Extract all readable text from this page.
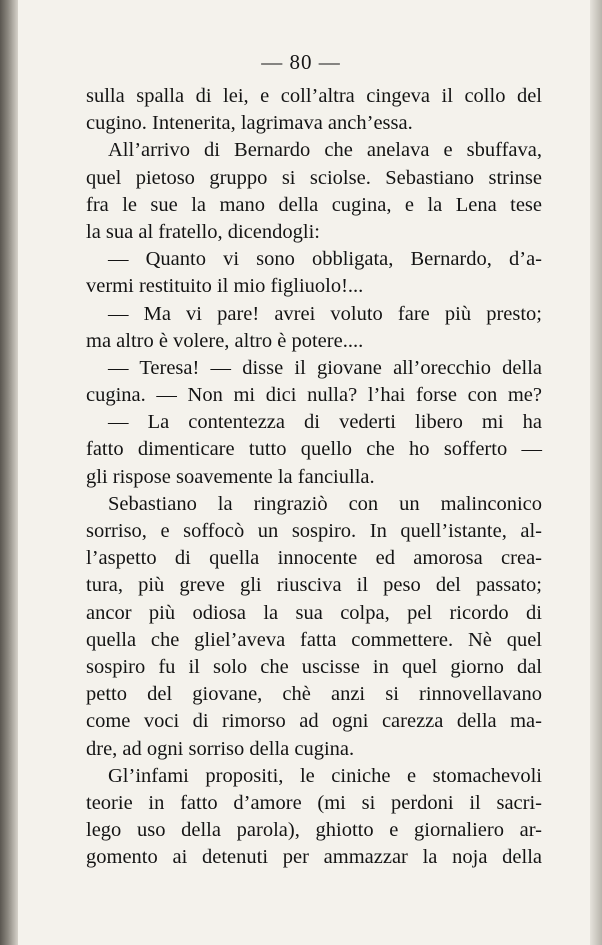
— 80 —
sulla spalla di lei, e coll’altra cingeva il collo del
cugino. Intenerita, lagrimava anch’essa.
All’arrivo di Bernardo che anelava e sbuffava,
quel pietoso gruppo si sciolse. Sebastiano strinse
fra le sue la mano della cugina, e la Lena tese
la sua al fratello, dicendogli:
— Quanto vi sono obbligata, Bernardo, d’a-
vermi restituito il mio figliuolo!...
— Ma vi pare! avrei voluto fare più presto;
ma altro è volere, altro è potere....
— Teresa! — disse il giovane all’orecchio della
cugina. — Non mi dici nulla? l’hai forse con me?
— La contentezza di vederti libero mi ha
fatto dimenticare tutto quello che ho sofferto —
gli rispose soavemente la fanciulla.
Sebastiano la ringraziò con un malinconico
sorriso, e soffocò un sospiro. In quell’istante, al-
l’aspetto di quella innocente ed amorosa crea-
tura, più greve gli riusciva il peso del passato;
ancor più odiosa la sua colpa, pel ricordo di
quella che gliel’aveva fatta commettere. Nè quel
sospiro fu il solo che uscisse in quel giorno dal
petto del giovane, chè anzi si rinnovellavano
come voci di rimorso ad ogni carezza della ma-
dre, ad ogni sorriso della cugina.
Gl’infami propositi, le ciniche e stomachevoli
teorie in fatto d’amore (mi si perdoni il sacri-
lego uso della parola), ghiotto e giornaliero ar-
gomento ai detenuti per ammazzar la noja della
